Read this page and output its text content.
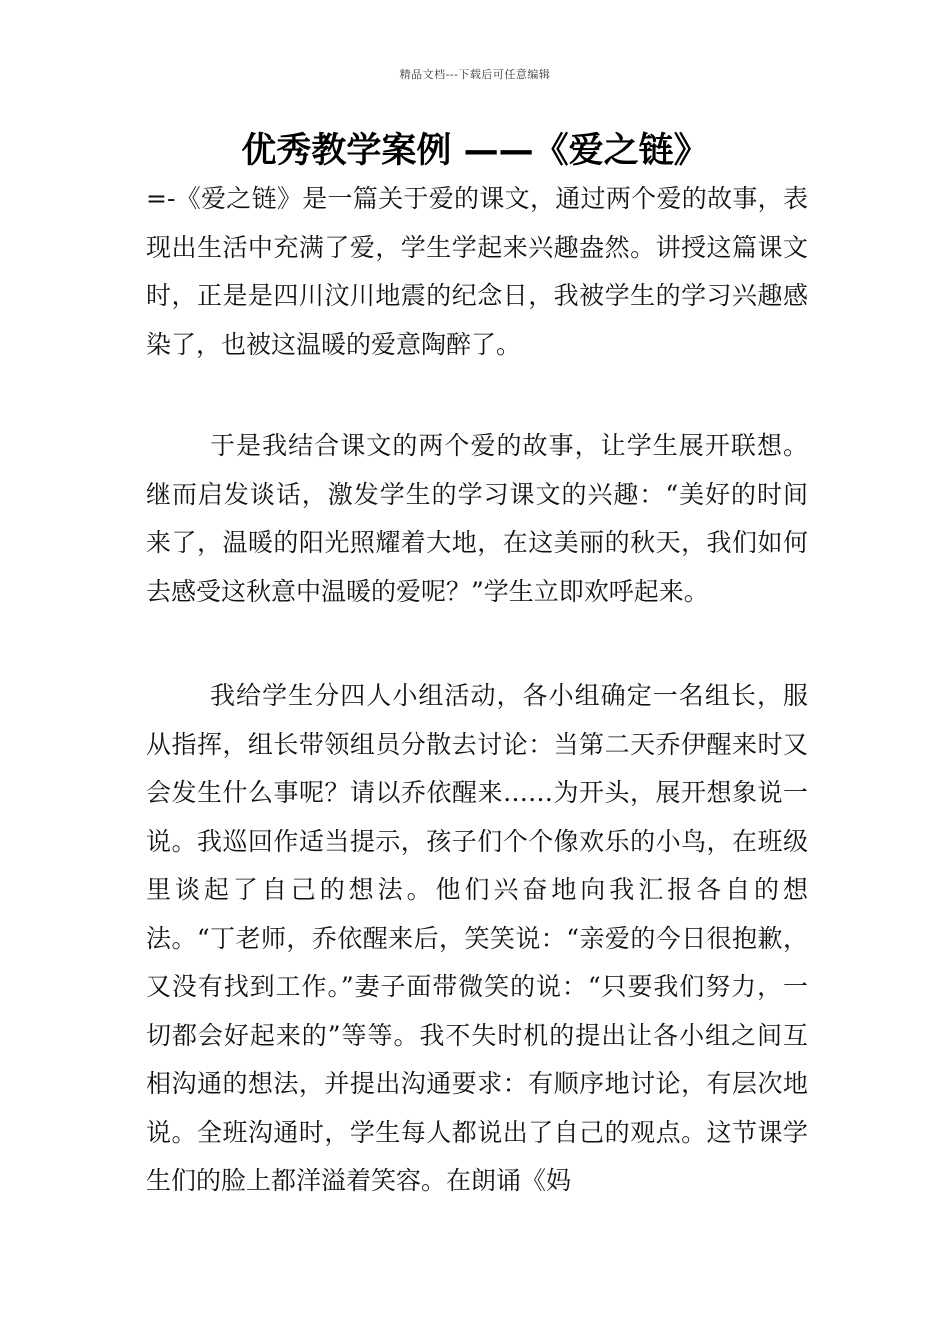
精品文档---下载后可任意编辑
优秀教学案例 ——《爱之链》

=-《爱之链》是一篇关于爱的课文，通过两个爱的故事，表现出生活中充满了爱，学生学起来兴趣盎然。讲授这篇课文时，正是是四川汶川地震的纪念日，我被学生的学习兴趣感染了，也被这温暖的爱意陶醉了。

于是我结合课文的两个爱的故事，让学生展开联想。继而启发谈话，激发学生的学习课文的兴趣：“美好的时间来了，温暖的阳光照耀着大地，在这美丽的秋天，我们如何去感受这秋意中温暖的爱呢？”学生立即欢呼起来。

我给学生分四人小组活动，各小组确定一名组长，服从指挥，组长带领组员分散去讨论：当第二天乔伊醒来时又会发生什么事呢？请以乔依醒来……为开头，展开想象说一说。我巡回作适当提示，孩子们个个像欢乐的小鸟，在班级里谈起了自己的想法。他们兴奋地向我汇报各自的想法。“丁老师，乔依醒来后，笑笑说：“亲爱的今日很抱歉，又没有找到工作。”妻子面带微笑的说：“只要我们努力，一切都会好起来的”等等。我不失时机的提出让各小组之间互相沟通的想法，并提出沟通要求：有顺序地讨论，有层次地说。全班沟通时，学生每人都说出了自己的观点。这节课学生们的脸上都洋溢着笑容。在朗诵《妈
